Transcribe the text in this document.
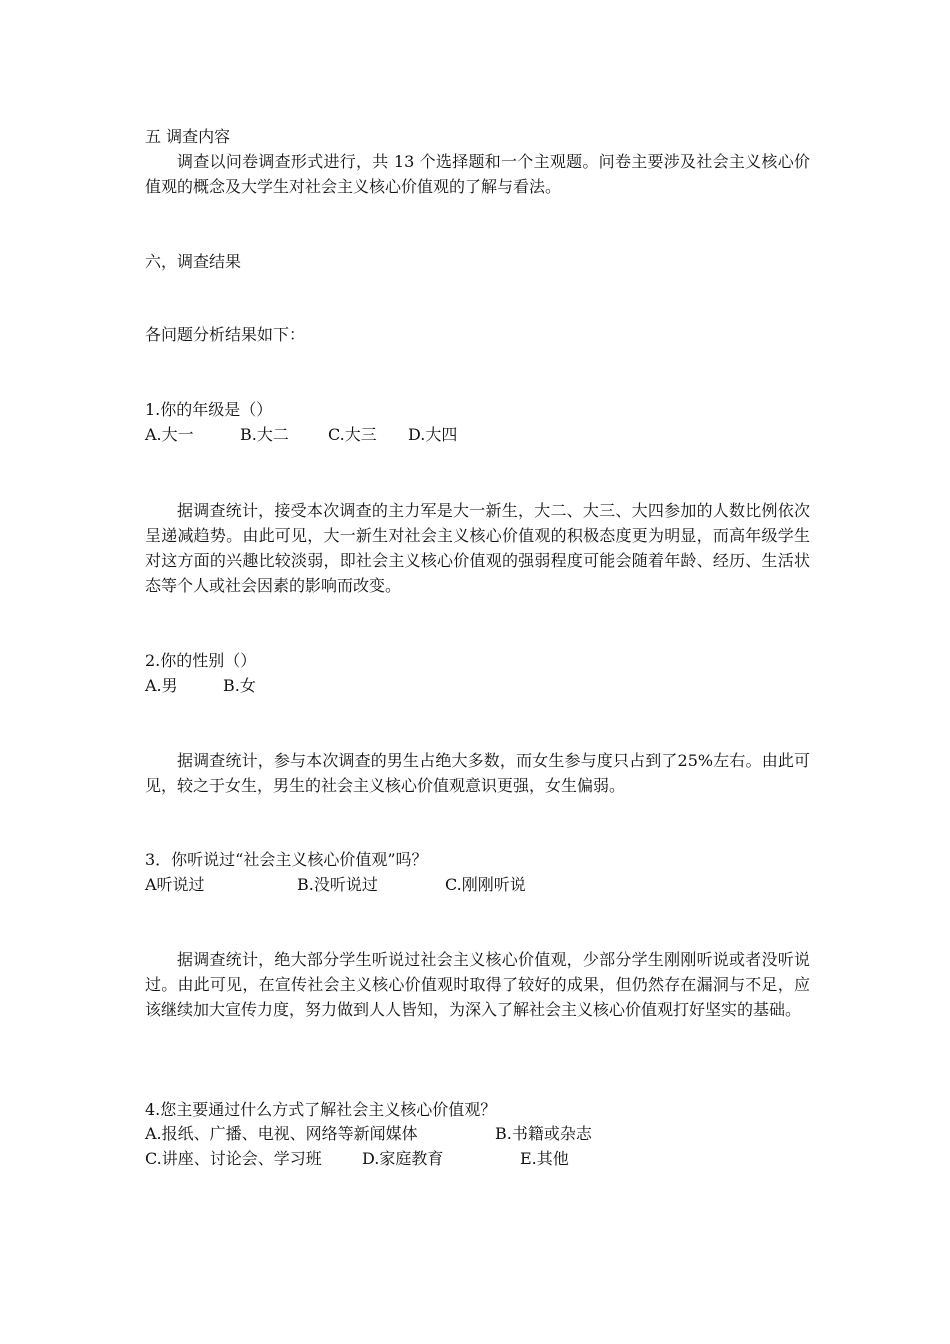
五 调查内容
调查以问卷调查形式进行，共 13 个选择题和一个主观题。问卷主要涉及社会主义核心价值观的概念及大学生对社会主义核心价值观的了解与看法。
六，调查结果
各问题分析结果如下：
1.你的年级是（）
A.大一	B.大二 C.大三 D.大四
据调查统计，接受本次调查的主力军是大一新生，大二、大三、大四参加的人数比例依次呈递减趋势。由此可见，大一新生对社会主义核心价值观的积极态度更为明显，而高年级学生对这方面的兴趣比较淡弱，即社会主义核心价值观的强弱程度可能会随着年龄、经历、生活状态等个人或社会因素的影响而改变。
2.你的性别（）
A.男	B.女
据调查统计，参与本次调查的男生占绝大多数，而女生参与度只占到了25%左右。由此可见，较之于女生，男生的社会主义核心价值观意识更强，女生偏弱。
3．你听说过“社会主义核心价值观”吗？
A听说过	B.没听说过	C.刚刚听说
据调查统计，绝大部分学生听说过社会主义核心价值观，少部分学生刚刚听说或者没听说过。由此可见，在宣传社会主义核心价值观时取得了较好的成果，但仍然存在漏洞与不足，应该继续加大宣传力度，努力做到人人皆知，为深入了解社会主义核心价值观打好坚实的基础。
4.您主要通过什么方式了解社会主义核心价值观？
A.报纸、广播、电视、网络等新闻媒体	B.书籍或杂志
C.讲座、讨论会、学习班	D.家庭教育	E.其他
